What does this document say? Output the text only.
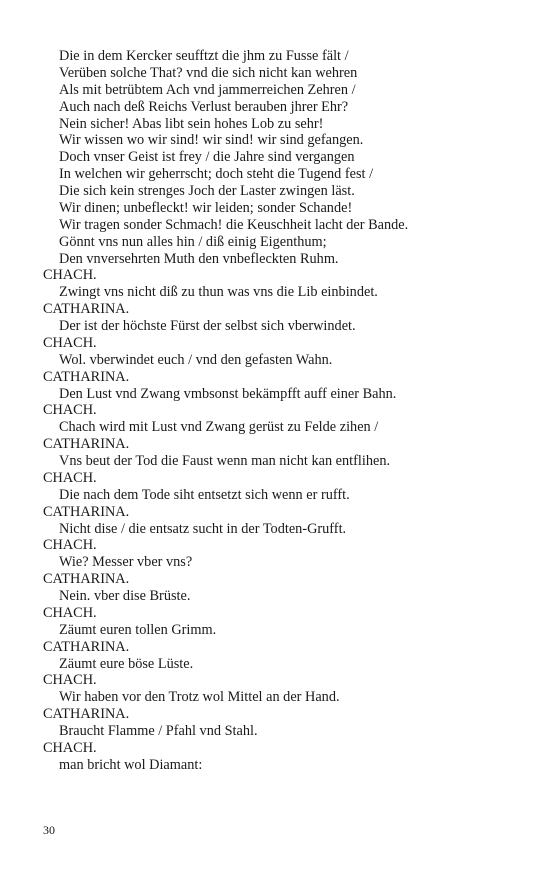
Die in dem Kercker seufftzt die jhm zu Fusse fält /
Verüben solche That? vnd die sich nicht kan wehren
Als mit betrübtem Ach vnd jammerreichen Zehren /
Auch nach deß Reichs Verlust berauben jhrer Ehr?
Nein sicher! Abas libt sein hohes Lob zu sehr!
Wir wissen wo wir sind! wir sind! wir sind gefangen.
Doch vnser Geist ist frey / die Jahre sind vergangen
In welchen wir geherrscht; doch steht die Tugend fest /
Die sich kein strenges Joch der Laster zwingen läst.
Wir dinen; unbefleckt! wir leiden; sonder Schande!
Wir tragen sonder Schmach! die Keuschheit lacht der Bande.
Gönnt vns nun alles hin / diß einig Eigenthum;
Den vnversehrten Muth den vnbefleckten Ruhm.
CHACH.
Zwingt vns nicht diß zu thun was vns die Lib einbindet.
CATHARINA.
Der ist der höchste Fürst der selbst sich vberwindet.
CHACH.
Wol. vberwindet euch / vnd den gefasten Wahn.
CATHARINA.
Den Lust vnd Zwang vmbsonst bekämpfft auff einer Bahn.
CHACH.
Chach wird mit Lust vnd Zwang gerüst zu Felde zihen /
CATHARINA.
Vns beut der Tod die Faust wenn man nicht kan entflihen.
CHACH.
Die nach dem Tode siht entsetzt sich wenn er rufft.
CATHARINA.
Nicht dise / die entsatz sucht in der Todten-Grufft.
CHACH.
Wie? Messer vber vns?
CATHARINA.
Nein. vber dise Brüste.
CHACH.
Zäumt euren tollen Grimm.
CATHARINA.
Zäumt eure böse Lüste.
CHACH.
Wir haben vor den Trotz wol Mittel an der Hand.
CATHARINA.
Braucht Flamme / Pfahl vnd Stahl.
CHACH.
man bricht wol Diamant:
30
